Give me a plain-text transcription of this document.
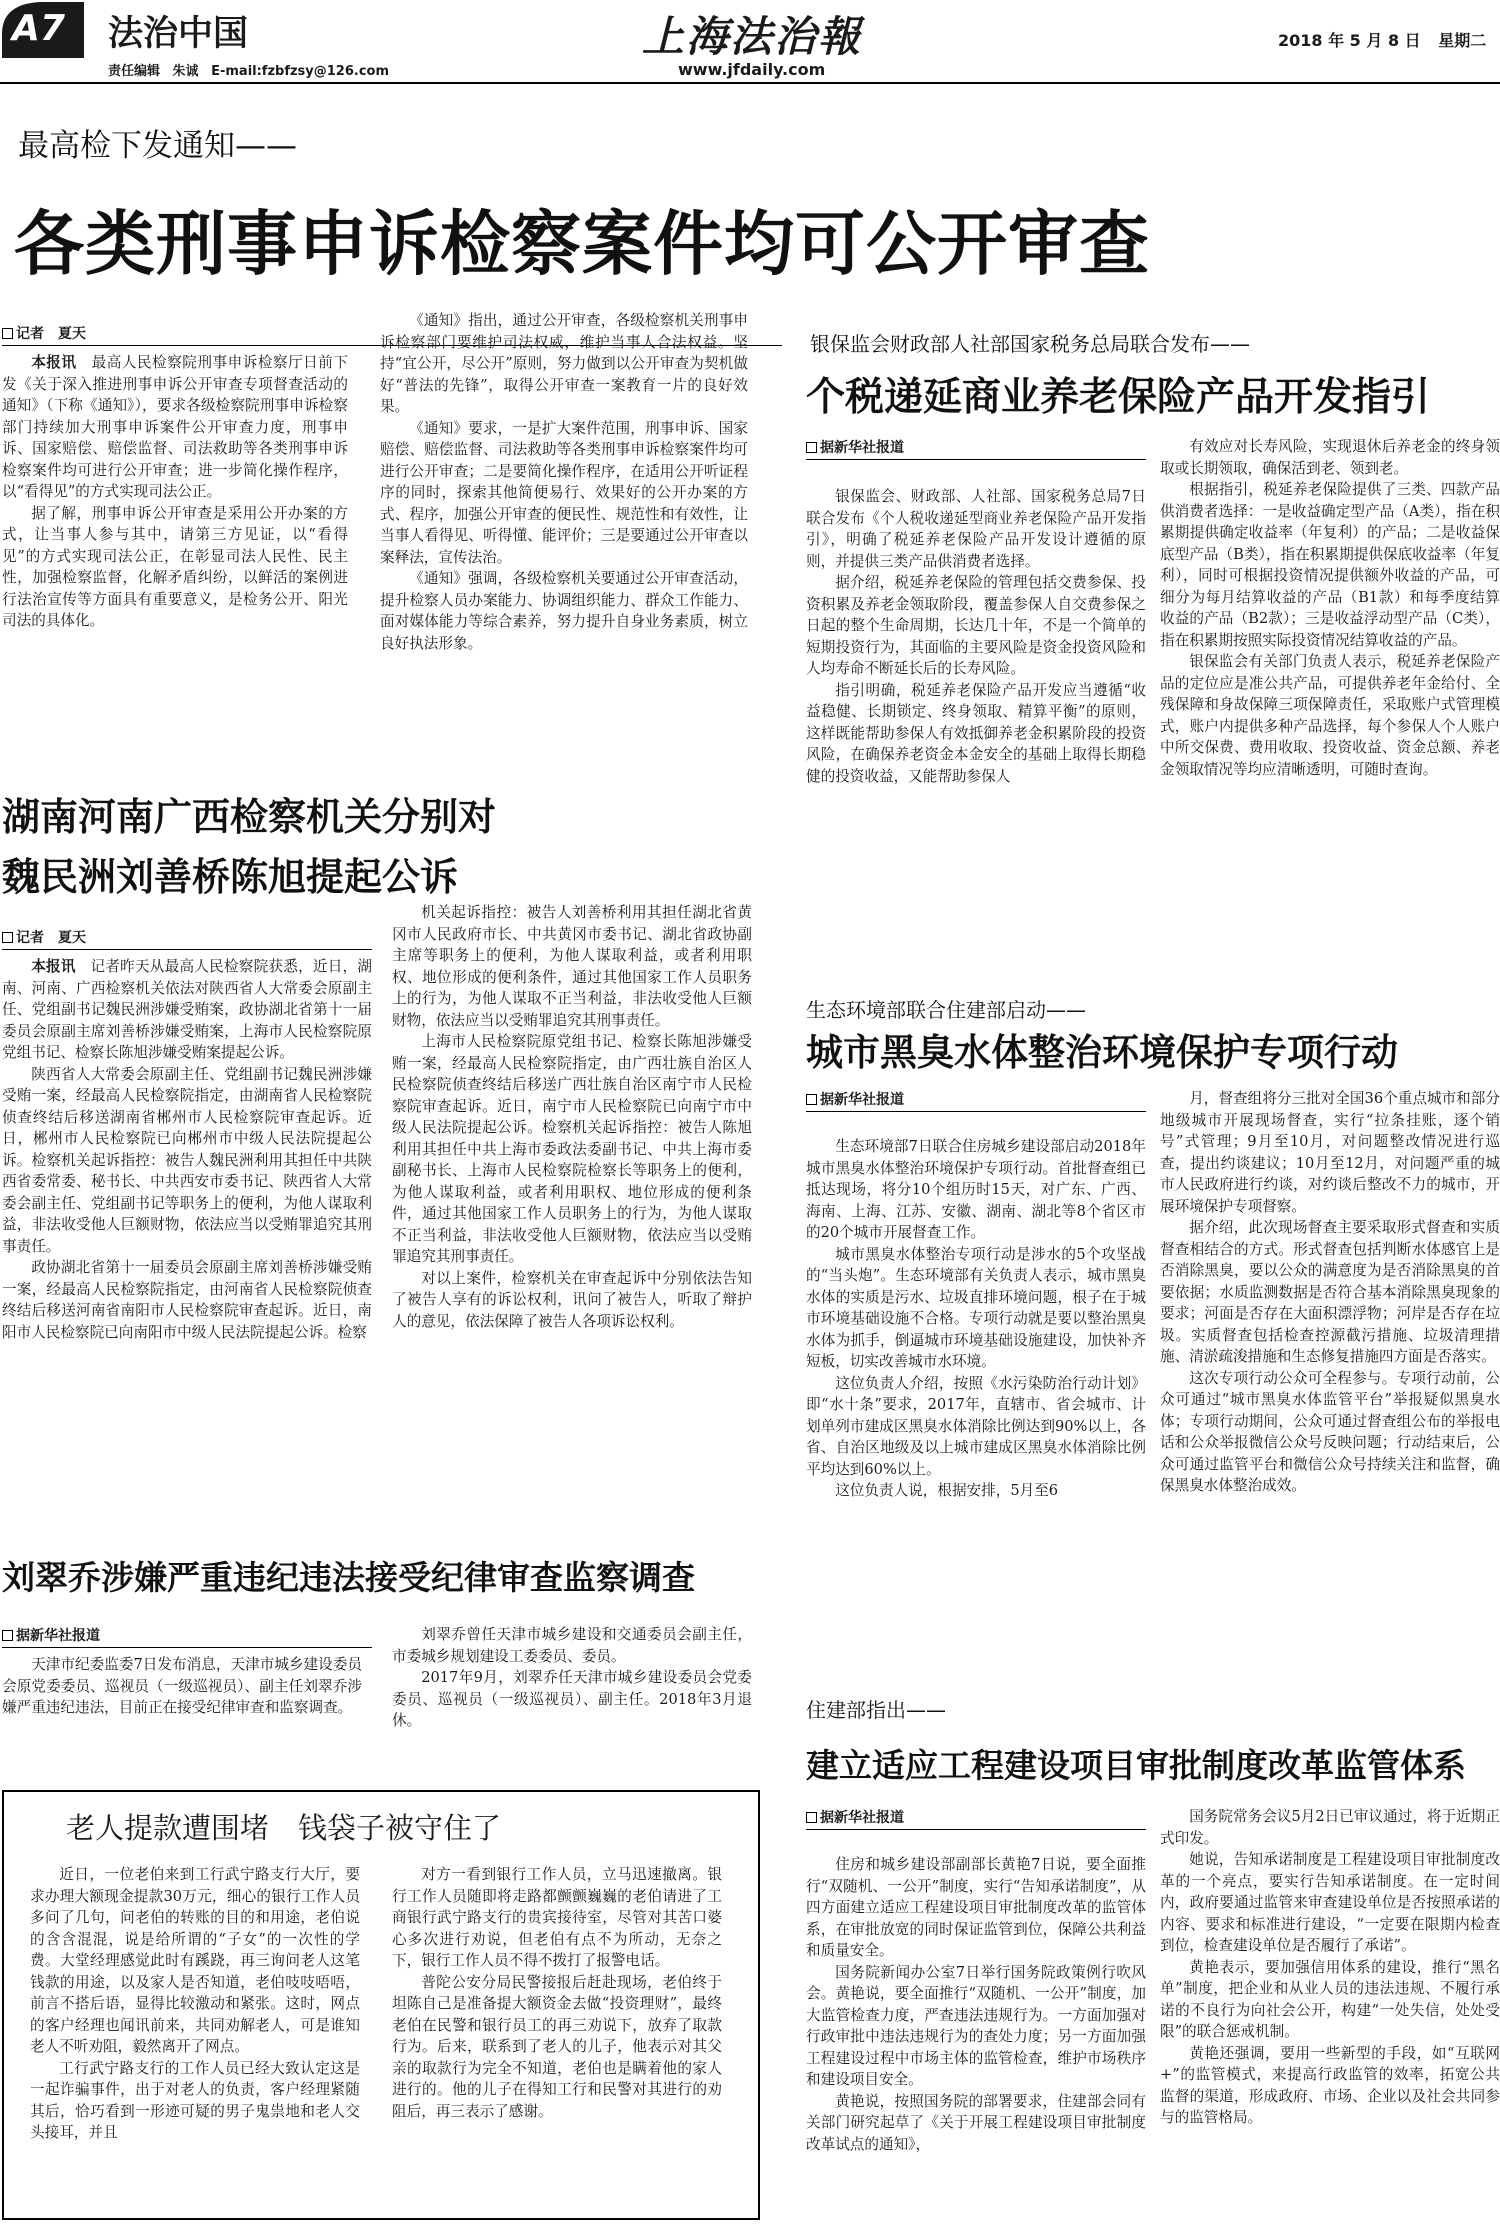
A7 法治中国
责任编辑 朱诚 E-mail:fzbfzsy@126.com
上海法治報
www.jfdaily.com
2018 年 5 月 8 日 星期二
最高检下发通知——
各类刑事申诉检察案件均可公开审查
记者　夏天

本报讯　最高人民检察院刑事申诉检察厅日前下发《关于深入推进刑事申诉公开审查专项督查活动的通知》（下称《通知》），要求各级检察院刑事申诉检察部门持续加大刑事申诉案件公开审查力度，刑事申诉、国家赔偿、赔偿监督、司法救助等各类刑事申诉检察案件均可进行公开审查；进一步简化操作程序，以“看得见”的方式实现司法公正。

据了解，刑事申诉公开审查是采用公开办案的方式，让当事人参与其中，请第三方见证，以“看得见”的方式实现司法公正，在彰显司法人民性、民主性，加强检察监督，化解矛盾纠纷，以鲜活的案例进行法治宣传等方面具有重要意义，是检务公开、阳光司法的具体化。

《通知》指出，通过公开审查，各级检察机关刑事申诉检察部门要维护司法权威，维护当事人合法权益。坚持“宜公开，尽公开”原则，努力做到以公开审查为契机做好“普法的先锋”，取得公开审查一案教育一片的良好效果。

《通知》要求，一是扩大案件范围，刑事申诉、国家赔偿、赔偿监督、司法救助等各类刑事申诉检察案件均可进行公开审查；二是要简化操作程序，在适用公开听证程序的同时，探索其他简便易行、效果好的公开办案的方式、程序，加强公开审查的便民性、规范性和有效性，让当事人看得见、听得懂、能评价；三是要通过公开审查以案释法，宣传法治。

《通知》强调，各级检察机关要通过公开审查活动，提升检察人员办案能力、协调组织能力、群众工作能力、面对媒体能力等综合素养，努力提升自身业务素质，树立良好执法形象。

银保监会财政部人社部国家税务总局联合发布——
个税递延商业养老保险产品开发指引
据新华社报道

银保监会、财政部、人社部、国家税务总局7日联合发布《个人税收递延型商业养老保险产品开发指引》，明确了税延养老保险产品开发设计遵循的原则，并提供三类产品供消费者选择。

据介绍，税延养老保险的管理包括交费参保、投资积累及养老金领取阶段，覆盖参保人自交费参保之日起的整个生命周期，长达几十年，不是一个简单的短期投资行为，其面临的主要风险是资金投资风险和人均寿命不断延长后的长寿风险。

指引明确，税延养老保险产品开发应当遵循“收益稳健、长期锁定、终身领取、精算平衡”的原则，这样既能帮助参保人有效抵御养老金积累阶段的投资风险，在确保养老资金本金安全的基础上取得长期稳健的投资收益，又能帮助参保人

有效应对长寿风险，实现退休后养老金的终身领取或长期领取，确保活到老、领到老。

根据指引，税延养老保险提供了三类、四款产品供消费者选择：一是收益确定型产品（A类），指在积累期提供确定收益率（年复利）的产品；二是收益保底型产品（B类），指在积累期提供保底收益率（年复利），同时可根据投资情况提供额外收益的产品，可细分为每月结算收益的产品（B1款）和每季度结算收益的产品（B2款）；三是收益浮动型产品（C类），指在积累期按照实际投资情况结算收益的产品。

银保监会有关部门负责人表示，税延养老保险产品的定位应是准公共产品，可提供养老年金给付、全残保障和身故保障三项保障责任，采取账户式管理模式，账户内提供多种产品选择，每个参保人个人账户中所交保费、费用收取、投资收益、资金总额、养老金领取情况等均应清晰透明，可随时查询。

湖南河南广西检察机关分别对
魏民洲刘善桥陈旭提起公诉
记者　夏天

本报讯　记者昨天从最高人民检察院获悉，近日，湖南、河南、广西检察机关依法对陕西省人大常委会原副主任、党组副书记魏民洲涉嫌受贿案，政协湖北省第十一届委员会原副主席刘善桥涉嫌受贿案，上海市人民检察院原党组书记、检察长陈旭涉嫌受贿案提起公诉。

陕西省人大常委会原副主任、党组副书记魏民洲涉嫌受贿一案，经最高人民检察院指定，由湖南省人民检察院侦查终结后移送湖南省郴州市人民检察院审查起诉。近日，郴州市人民检察院已向郴州市中级人民法院提起公诉。检察机关起诉指控：被告人魏民洲利用其担任中共陕西省委常委、秘书长、中共西安市委书记、陕西省人大常委会副主任、党组副书记等职务上的便利，为他人谋取利益，非法收受他人巨额财物，依法应当以受贿罪追究其刑事责任。

政协湖北省第十一届委员会原副主席刘善桥涉嫌受贿一案，经最高人民检察院指定，由河南省人民检察院侦查终结后移送河南省南阳市人民检察院审查起诉。近日，南阳市人民检察院已向南阳市中级人民法院提起公诉。检察

机关起诉指控：被告人刘善桥利用其担任湖北省黄冈市人民政府市长、中共黄冈市委书记、湖北省政协副主席等职务上的便利，为他人谋取利益，或者利用职权、地位形成的便利条件，通过其他国家工作人员职务上的行为，为他人谋取不正当利益，非法收受他人巨额财物，依法应当以受贿罪追究其刑事责任。

上海市人民检察院原党组书记、检察长陈旭涉嫌受贿一案，经最高人民检察院指定，由广西壮族自治区人民检察院侦查终结后移送广西壮族自治区南宁市人民检察院审查起诉。近日，南宁市人民检察院已向南宁市中级人民法院提起公诉。检察机关起诉指控：被告人陈旭利用其担任中共上海市委政法委副书记、中共上海市委副秘书长、上海市人民检察院检察长等职务上的便利，为他人谋取利益，或者利用职权、地位形成的便利条件，通过其他国家工作人员职务上的行为，为他人谋取不正当利益，非法收受他人巨额财物，依法应当以受贿罪追究其刑事责任。

对以上案件，检察机关在审查起诉中分别依法告知了被告人享有的诉讼权利，讯问了被告人，听取了辩护人的意见，依法保障了被告人各项诉讼权利。

生态环境部联合住建部启动——
城市黑臭水体整治环境保护专项行动
据新华社报道

生态环境部7日联合住房城乡建设部启动2018年城市黑臭水体整治环境保护专项行动。首批督查组已抵达现场，将分10个组历时15天，对广东、广西、海南、上海、江苏、安徽、湖南、湖北等8个省区市的20个城市开展督查工作。

城市黑臭水体整治专项行动是涉水的5个攻坚战的“当头炮”。生态环境部有关负责人表示，城市黑臭水体的实质是污水、垃圾直排环境问题，根子在于城市环境基础设施不合格。专项行动就是要以整治黑臭水体为抓手，倒逼城市环境基础设施建设，加快补齐短板，切实改善城市水环境。

这位负责人介绍，按照《水污染防治行动计划》即“水十条”要求，2017年，直辖市、省会城市、计划单列市建成区黑臭水体消除比例达到90%以上，各省、自治区地级及以上城市建成区黑臭水体消除比例平均达到60%以上。

这位负责人说，根据安排，5月至6

月，督查组将分三批对全国36个重点城市和部分地级城市开展现场督查，实行“拉条挂账，逐个销号”式管理；9月至10月，对问题整改情况进行巡查，提出约谈建议；10月至12月，对问题严重的城市人民政府进行约谈，对约谈后整改不力的城市，开展环境保护专项督察。

据介绍，此次现场督查主要采取形式督查和实质督查相结合的方式。形式督查包括判断水体感官上是否消除黑臭，要以公众的满意度为是否消除黑臭的首要依据；水质监测数据是否符合基本消除黑臭现象的要求；河面是否存在大面积漂浮物；河岸是否存在垃圾。实质督查包括检查控源截污措施、垃圾清理措施、清淤疏浚措施和生态修复措施四方面是否落实。

这次专项行动公众可全程参与。专项行动前，公众可通过“城市黑臭水体监管平台”举报疑似黑臭水体；专项行动期间，公众可通过督查组公布的举报电话和公众举报微信公众号反映问题；行动结束后，公众可通过监管平台和微信公众号持续关注和监督，确保黑臭水体整治成效。

刘翠乔涉嫌严重违纪违法接受纪律审查监察调查
据新华社报道

天津市纪委监委7日发布消息，天津市城乡建设委员会原党委委员、巡视员（一级巡视员）、副主任刘翠乔涉嫌严重违纪违法，目前正在接受纪律审查和监察调查。

刘翠乔曾任天津市城乡建设和交通委员会副主任，市委城乡规划建设工委委员、委员。

2017年9月，刘翠乔任天津市城乡建设委员会党委委员、巡视员（一级巡视员）、副主任。2018年3月退休。

老人提款遭围堵　钱袋子被守住了

近日，一位老伯来到工行武宁路支行大厅，要求办理大额现金提款30万元，细心的银行工作人员多问了几句，问老伯的转账的目的和用途，老伯说的含含混混，说是给所谓的“子女”的一次性的学费。大堂经理感觉此时有蹊跷，再三询问老人这笔钱款的用途，以及家人是否知道，老伯吱吱唔唔，前言不搭后语，显得比较激动和紧张。这时，网点的客户经理也闻讯前来，共同劝解老人，可是谁知老人不听劝阻，毅然离开了网点。

工行武宁路支行的工作人员已经大致认定这是一起诈骗事件，出于对老人的负责，客户经理紧随其后，恰巧看到一形迹可疑的男子鬼祟地和老人交头接耳，并且

对方一看到银行工作人员，立马迅速撤离。银行工作人员随即将走路都颤颤巍巍的老伯请进了工商银行武宁路支行的贵宾接待室，尽管对其苦口婆心多次进行劝说，但老伯有点不为所动，无奈之下，银行工作人员不得不拨打了报警电话。

普陀公安分局民警接报后赶赴现场，老伯终于坦陈自己是准备提大额资金去做“投资理财”，最终老伯在民警和银行员工的再三劝说下，放弃了取款行为。后来，联系到了老人的儿子，他表示对其父亲的取款行为完全不知道，老伯也是瞒着他的家人进行的。他的儿子在得知工行和民警对其进行的劝阻后，再三表示了感谢。

住建部指出——
建立适应工程建设项目审批制度改革监管体系
据新华社报道

住房和城乡建设部副部长黄艳7日说，要全面推行“双随机、一公开”制度，实行“告知承诺制度”，从四方面建立适应工程建设项目审批制度改革的监管体系，在审批放宽的同时保证监管到位，保障公共利益和质量安全。

国务院新闻办公室7日举行国务院政策例行吹风会。黄艳说，要全面推行“双随机、一公开”制度，加大监管检查力度，严查违法违规行为。一方面加强对行政审批中违法违规行为的查处力度；另一方面加强工程建设过程中市场主体的监管检查，维护市场秩序和建设项目安全。

黄艳说，按照国务院的部署要求，住建部会同有关部门研究起草了《关于开展工程建设项目审批制度改革试点的通知》，

国务院常务会议5月2日已审议通过，将于近期正式印发。

她说，告知承诺制度是工程建设项目审批制度改革的一个亮点，要实行告知承诺制度。在一定时间内，政府要通过监管来审查建设单位是否按照承诺的内容、要求和标准进行建设，“一定要在限期内检查到位，检查建设单位是否履行了承诺”。

黄艳表示，要加强信用体系的建设，推行“黑名单”制度，把企业和从业人员的违法违规、不履行承诺的不良行为向社会公开，构建“一处失信，处处受限”的联合惩戒机制。

黄艳还强调，要用一些新型的手段，如“互联网+”的监管模式，来提高行政监管的效率，拓宽公共监督的渠道，形成政府、市场、企业以及社会共同参与的监管格局。
